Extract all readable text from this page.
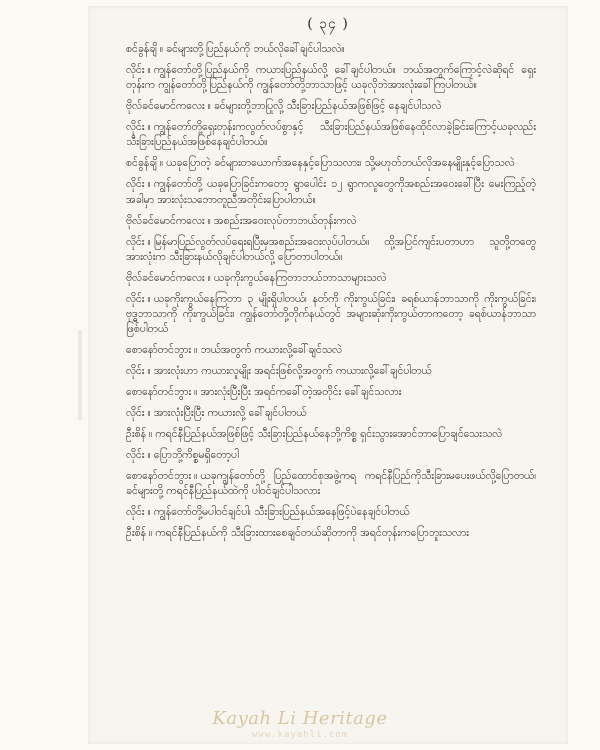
( ၃၄ )

စင်ခွန်ချိ ။ ခင်များတို့ပြည်နယ်ကို ဘယ်လိုခေါ်ချင်ပါသလဲ။

လိုင်း ။ ကျွန်တော်တို့ပြည်နယ်ကို ကယားပြည်နယ်လို့ ခေါ်ချင်ပါတယ်။ ဘယ်အတွက်ကြောင့်လဲဆိုရင် ရှေးတုန်းက ကျွန်တော်တို့ပြည်နယ်ကို ကျွန်တော်တို့ဘာသာဖြင့် ယခုလိုဘဲအားလုံးခေါ်ကြပါတယ်။

ဗိုလ်ခင်မောင်ကလေး ။ ခင်များတို့ဘာပြုလို့ သီးခြားပြည်နယ်အဖြစ်ဖြင့် နေချင်ပါသလဲ

လိုင်း ။ ကျွန်တော်တို့ရှေးတုန်းကလွတ်လပ်စွာနှင့် သီးခြားပြည်နယ်အဖြစ်နေထိုင်လာခဲ့ခြင်းကြောင့်ယခုလည်းသီးခြားပြည်နယ်အဖြစ်နေချင်ပါတယ်။

စင်ခွန်ချိ ။ ယခုပြောတဲ့ ခင်များတယောက်အနေနှင့်ပြောသလား၊ သို့မဟုတ်ဘယ်လိုအနေမျိုးနှင့်ပြောသလဲ

လိုင်း ။ ကျွန်တော်တို့ ယခုပြောခြင်းကတော့ ရွာပေါင်း ၁၂ ရွာကလူတွေကိုအစည်းအဝေးခေါ်ပြီး မေးကြည့်တဲ့အခါမှာ အားလုံးသဘောတူညီအတိုင်းပြောပါတယ်။

ဗိုလ်ခင်မောင်ကလေး ။ အစည်းအဝေးလုပ်တာဘယ်တုန်းကလဲ

လိုင်း ။ မြန်မာပြည်လွတ်လပ်ရေးရပြီးမှအစည်းအဝေးလုပ်ပါတယ်။ ထို့အပြင်ကျင်းပတာဟာ သူတို့တတွေအားလုံးက သီးခြားနယ်လိုချင်ပါတယ်လို့ ပြောတာပါတယ်။

ဗိုလ်ခင်မောင်ကလေး ။ ယခုကိုးကွယ်နေကြတာဘယ်ဘာသာများသလဲ

လိုင်း ။ ယခုကိုးကွယ်နေကြတာ ၃ မျိုးရှိပါတယ်၊ နတ်ကို ကိုးကွယ်ခြင်း၊ ခရစ်ယာန်ဘာသာကို ကိုးကွယ်ခြင်း၊ ဗုဒ္ဓဘာသာကို ကိုးကွယ်ခြင်း၊ ကျွန်တော်တို့တိုက်နယ်တွင် အများဆုံးကိုးကွယ်တာကတော့ ခရစ်ယာန်ဘာသာဖြစ်ပါတယ်

စောနော်တင်ဘွား ။ ဘယ်အတွက် ကယားလို့ခေါ်ချင်သလဲ

လိုင်း ။ အားလုံးဟာ ကယားလူမျိုး အရင်းဖြစ်လို့အတွက် ကယားလို့ခေါ်ချင်ပါတယ်

စောနော်တင်ဘွား ။ အားလုံးပြီးပြီး အရင်ကခေါ်တဲ့အတိုင်း ခေါ်ချင်သလား

လိုင်း ။ အားလုံးပြီးပြီး ကယားလို့ ခေါ်ချင်ပါတယ်

ဦးစိန် ။ ကရင်နီပြည်နယ်အဖြစ်ဖြင့် သီးခြားပြည်နယ်နေဘို့ကိစ္စ ရှင်းသွားအောင်ဘာပြောချင်သေးသလဲ

လိုင်း ။ ပြောဘို့ကိစ္စမရှိတော့ပါ

စောနော်တင်ဘွား ။ ယခုကျွန်တော်တို့ ပြည်ထောင်စုအဖွဲ့ကရ ကရင်နီပြည်ကိုသီးခြားမပေးဖယ်လို့ပြောတယ်၊ ခင်များတို့ ကရင်နီပြည်နယ်ထဲကို ပါဝင်ချင်ပါသလား

လိုင်း ။ ကျွန်တော်တို့မပါဝင်ချင်ပါ၊ သီးခြားပြည်နယ်အနေဖြင့်ပဲနေချင်ပါတယ်

ဦးစိန် ။ ကရင်နီပြည်နယ်ကို သီးခြားထားစေချင်တယ်ဆိုတာကို အရင်တုန်းကပြောဘူးသလား

Kayah Li Heritage
www.kayahli.com
